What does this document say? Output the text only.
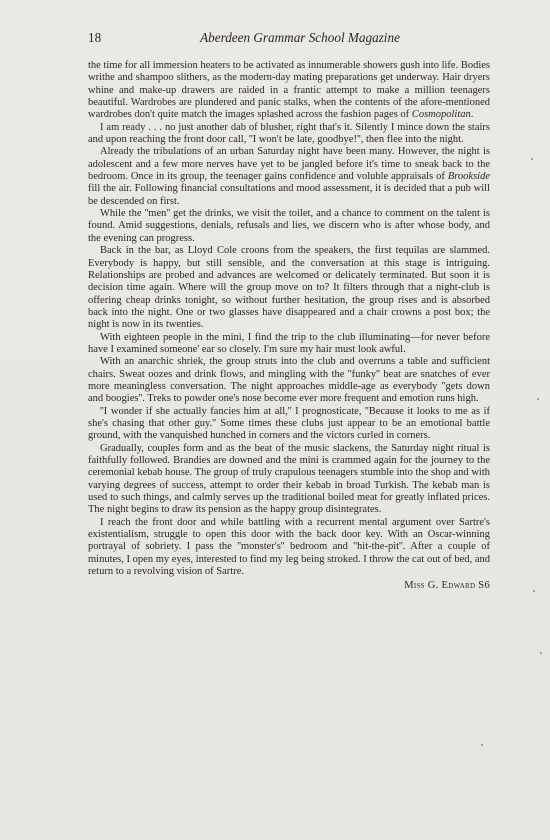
18	Aberdeen Grammar School Magazine

the time for all immersion heaters to be activated as innumerable showers gush into life. Bodies writhe and shampoo slithers, as the modern-day mating preparations get underway. Hair dryers whine and make-up drawers are raided in a frantic attempt to make a million teenagers beautiful. Wardrobes are plundered and panic stalks, when the contents of the afore-mentioned wardrobes don't quite match the images splashed across the fashion pages of Cosmopolitan.

I am ready . . . no just another dab of blusher, right that's it. Silently I mince down the stairs and upon reaching the front door call, ''I won't be late, goodbye!'', then flee into the night.

Already the tribulations of an urban Saturday night have been many. However, the night is adolescent and a few more nerves have yet to be jangled before it's time to sneak back to the bedroom. Once in its group, the teenager gains confidence and voluble appraisals of Brookside fill the air. Following financial consultations and mood assessment, it is decided that a pub will be descended on first.

While the ''men'' get the drinks, we visit the toilet, and a chance to comment on the talent is found. Amid suggestions, denials, refusals and lies, we discern who is after whose body, and the evening can progress.

Back in the bar, as Lloyd Cole croons from the speakers, the first tequilas are slammed. Everybody is happy, but still sensible, and the conversation at this stage is intriguing. Relationships are probed and advances are welcomed or delicately terminated. But soon it is decision time again. Where will the group move on to? It filters through that a night-club is offering cheap drinks tonight, so without further hesitation, the group rises and is absorbed back into the night. One or two glasses have disappeared and a chair crowns a post box; the night is now in its twenties.

With eighteen people in the mini, I find the trip to the club illuminating—for never before have I examined someone' ear so closely. I'm sure my hair must look awful.

With an anarchic shriek, the group struts into the club and overruns a table and sufficient chairs. Sweat oozes and drink flows, and mingling with the ''funky'' beat are snatches of ever more meaningless conversation. The night approaches middle-age as everybody ''gets down and boogies''. Treks to powder one's nose become ever more frequent and emotion runs high.

''I wonder if she actually fancies him at all,'' I prognosticate, ''Because it looks to me as if she's chasing that other guy.'' Some times these clubs just appear to be an emotional battle ground, with the vanquished hunched in corners and the victors curled in corners.

Gradually, couples form and as the beat of the music slackens, the Saturday night ritual is faithfully followed. Brandies are downed and the mini is crammed again for the journey to the ceremonial kebab house. The group of truly crapulous teenagers stumble into the shop and with varying degrees of success, attempt to order their kebab in broad Turkish. The kebab man is used to such things, and calmly serves up the traditional boiled meat for greatly inflated prices. The night begins to draw its pension as the happy group disintegrates.

I reach the front door and while battling with a recurrent mental argument over Sartre's existentialism, struggle to open this door with the back door key. With an Oscar-winning portrayal of sobriety. I pass the ''monster's'' bedroom and ''hit-the-pit''. After a couple of minutes, I open my eyes, interested to find my leg being stroked. I throw the cat out of bed, and return to a revolving vision of Sartre.

Miss G. Edward S6
